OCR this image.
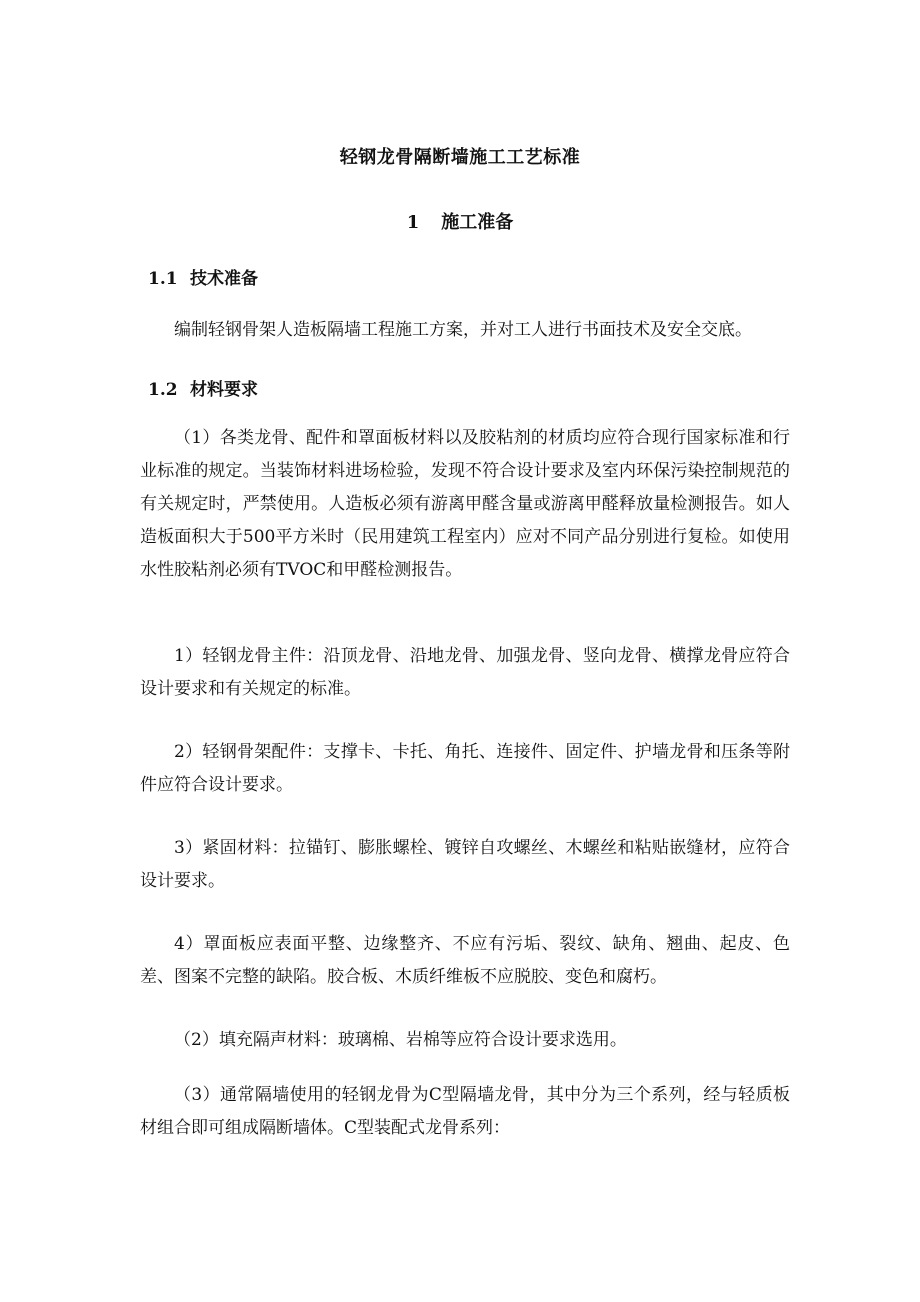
轻钢龙骨隔断墙施工工艺标准
1 施工准备
1.1 技术准备
编制轻钢骨架人造板隔墙工程施工方案，并对工人进行书面技术及安全交底。
1.2 材料要求
（1）各类龙骨、配件和罩面板材料以及胶粘剂的材质均应符合现行国家标准和行业标准的规定。当装饰材料进场检验，发现不符合设计要求及室内环保污染控制规范的有关规定时，严禁使用。人造板必须有游离甲醛含量或游离甲醛释放量检测报告。如人造板面积大于500平方米时（民用建筑工程室内）应对不同产品分别进行复检。如使用水性胶粘剂必须有TVOC和甲醛检测报告。
1）轻钢龙骨主件：沿顶龙骨、沿地龙骨、加强龙骨、竖向龙骨、横撑龙骨应符合设计要求和有关规定的标准。
2）轻钢骨架配件：支撑卡、卡托、角托、连接件、固定件、护墙龙骨和压条等附件应符合设计要求。
3）紧固材料：拉锚钉、膨胀螺栓、镀锌自攻螺丝、木螺丝和粘贴嵌缝材，应符合设计要求。
4）罩面板应表面平整、边缘整齐、不应有污垢、裂纹、缺角、翘曲、起皮、色差、图案不完整的缺陷。胶合板、木质纤维板不应脱胶、变色和腐朽。
（2）填充隔声材料：玻璃棉、岩棉等应符合设计要求选用。
（3）通常隔墙使用的轻钢龙骨为C型隔墙龙骨，其中分为三个系列，经与轻质板材组合即可组成隔断墙体。C型装配式龙骨系列：
